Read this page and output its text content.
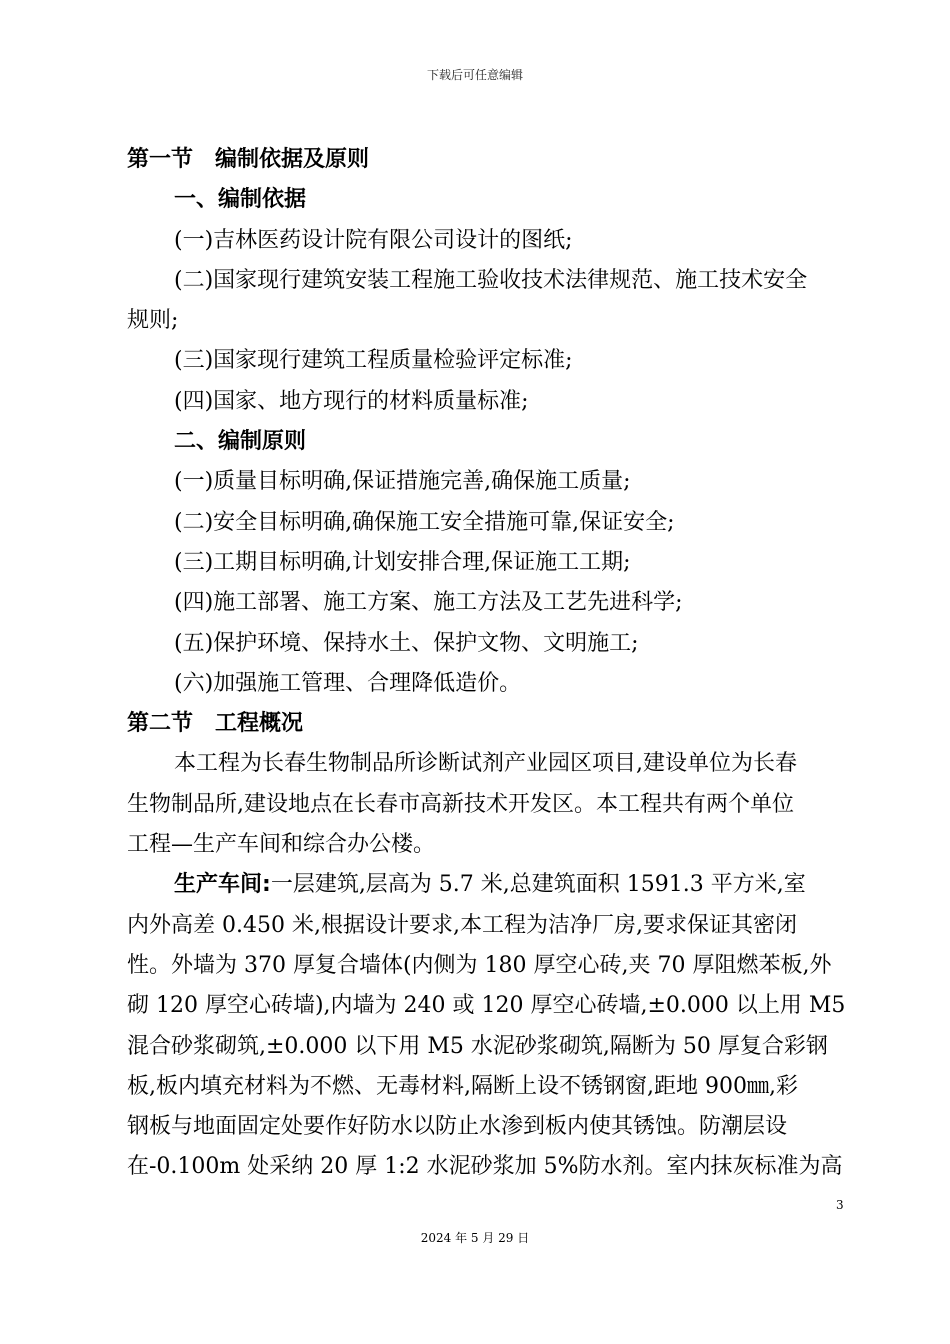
下载后可任意编辑
第一节　编制依据及原则
一、编制依据
(一)吉林医药设计院有限公司设计的图纸;
(二)国家现行建筑安装工程施工验收技术法律规范、施工技术安全
规则;
(三)国家现行建筑工程质量检验评定标准;
(四)国家、地方现行的材料质量标准;
二、编制原则
(一)质量目标明确,保证措施完善,确保施工质量;
(二)安全目标明确,确保施工安全措施可靠,保证安全;
(三)工期目标明确,计划安排合理,保证施工工期;
(四)施工部署、施工方案、施工方法及工艺先进科学;
(五)保护环境、保持水土、保护文物、文明施工;
(六)加强施工管理、合理降低造价。
第二节　工程概况
本工程为长春生物制品所诊断试剂产业园区项目,建设单位为长春
生物制品所,建设地点在长春市高新技术开发区。本工程共有两个单位
工程—生产车间和综合办公楼。
生产车间:一层建筑,层高为 5.7 米,总建筑面积 1591.3 平方米,室
内外高差 0.450 米,根据设计要求,本工程为洁净厂房,要求保证其密闭
性。外墙为 370 厚复合墙体(内侧为 180 厚空心砖,夹 70 厚阻燃苯板,外
砌 120 厚空心砖墙),内墙为 240 或 120 厚空心砖墙,±0.000 以上用 M5
混合砂浆砌筑,±0.000 以下用 M5 水泥砂浆砌筑,隔断为 50 厚复合彩钢
板,板内填充材料为不燃、无毒材料,隔断上设不锈钢窗,距地 900㎜,彩
钢板与地面固定处要作好防水以防止水渗到板内使其锈蚀。防潮层设
在-0.100m 处采纳 20 厚 1:2 水泥砂浆加 5%防水剂。室内抹灰标准为高
3
2024 年 5 月 29 日
